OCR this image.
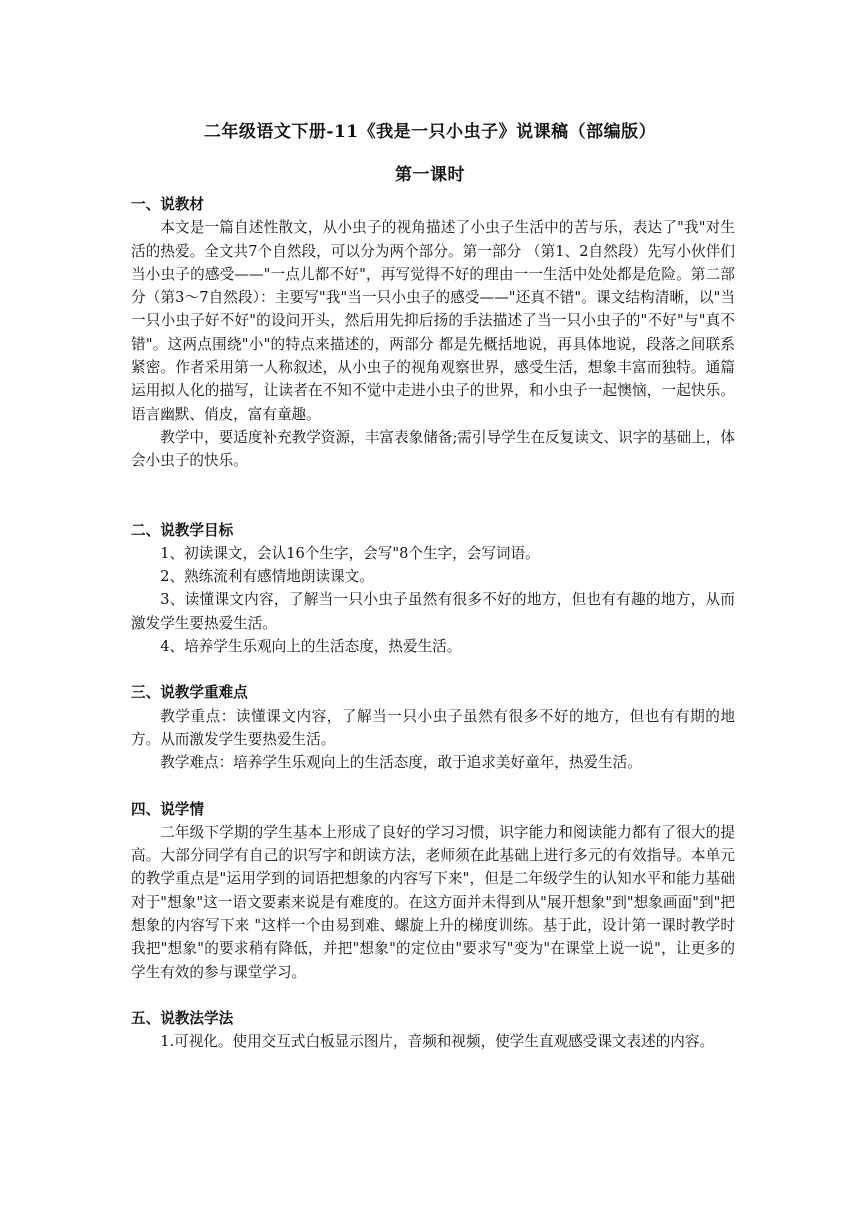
二年级语文下册-11《我是一只小虫子》说课稿（部编版）
第一课时

一、说教材

本文是一篇自述性散文，从小虫子的视角描述了小虫子生活中的苦与乐，表达了"我"对生活的热爱。全文共7个自然段，可以分为两个部分。第一部分 （第1、2自然段）先写小伙伴们当小虫子的感受——"一点儿都不好"，再写觉得不好的理由一一生活中处处都是危险。第二部分（第3～7自然段）：主要写"我"当一只小虫子的感受——"还真不错"。课文结构清晰，以"当一只小虫子好不好"的设问开头，然后用先抑后扬的手法描述了当一只小虫子的"不好"与"真不错"。这两点围绕"小"的特点来描述的，两部分 都是先概括地说，再具体地说，段落之间联系紧密。作者采用第一人称叙述，从小虫子的视角观察世界，感受生活，想象丰富而独特。通篇运用拟人化的描写，让读者在不知不觉中走进小虫子的世界，和小虫子一起懊恼，一起快乐。语言幽默、俏皮，富有童趣。

教学中，要适度补充教学资源，丰富表象储备;需引导学生在反复读文、识字的基础上，体会小虫子的快乐。

二、说教学目标

1、初读课文，会认16个生字，会写"8个生字，会写词语。

2、熟练流利有感情地朗读课文。

3、读懂课文内容，了解当一只小虫子虽然有很多不好的地方，但也有有趣的地方，从而激发学生要热爱生活。

4、培养学生乐观向上的生活态度，热爱生活。

三、说教学重难点

教学重点：读懂课文内容，了解当一只小虫子虽然有很多不好的地方，但也有有期的地方。从而激发学生要热爱生活。

教学难点：培养学生乐观向上的生活态度，敢于追求美好童年，热爱生活。

四、说学情

二年级下学期的学生基本上形成了良好的学习习惯，识字能力和阅读能力都有了很大的提高。大部分同学有自己的识写字和朗读方法，老师须在此基础上进行多元的有效指导。本单元的教学重点是"运用学到的词语把想象的内容写下来"，但是二年级学生的认知水平和能力基础对于"想象"这一语文要素来说是有难度的。在这方面并未得到从"展开想象"到"想象画面"到"把想象的内容写下来 "这样一个由易到难、螺旋上升的梯度训练。基于此，设计第一课时教学时我把"想象"的要求稍有降低，并把"想象"的定位由"要求写"变为"在课堂上说一说"，让更多的学生有效的参与课堂学习。

五、说教法学法

1.可视化。使用交互式白板显示图片，音频和视频，使学生直观感受课文表述的内容。
